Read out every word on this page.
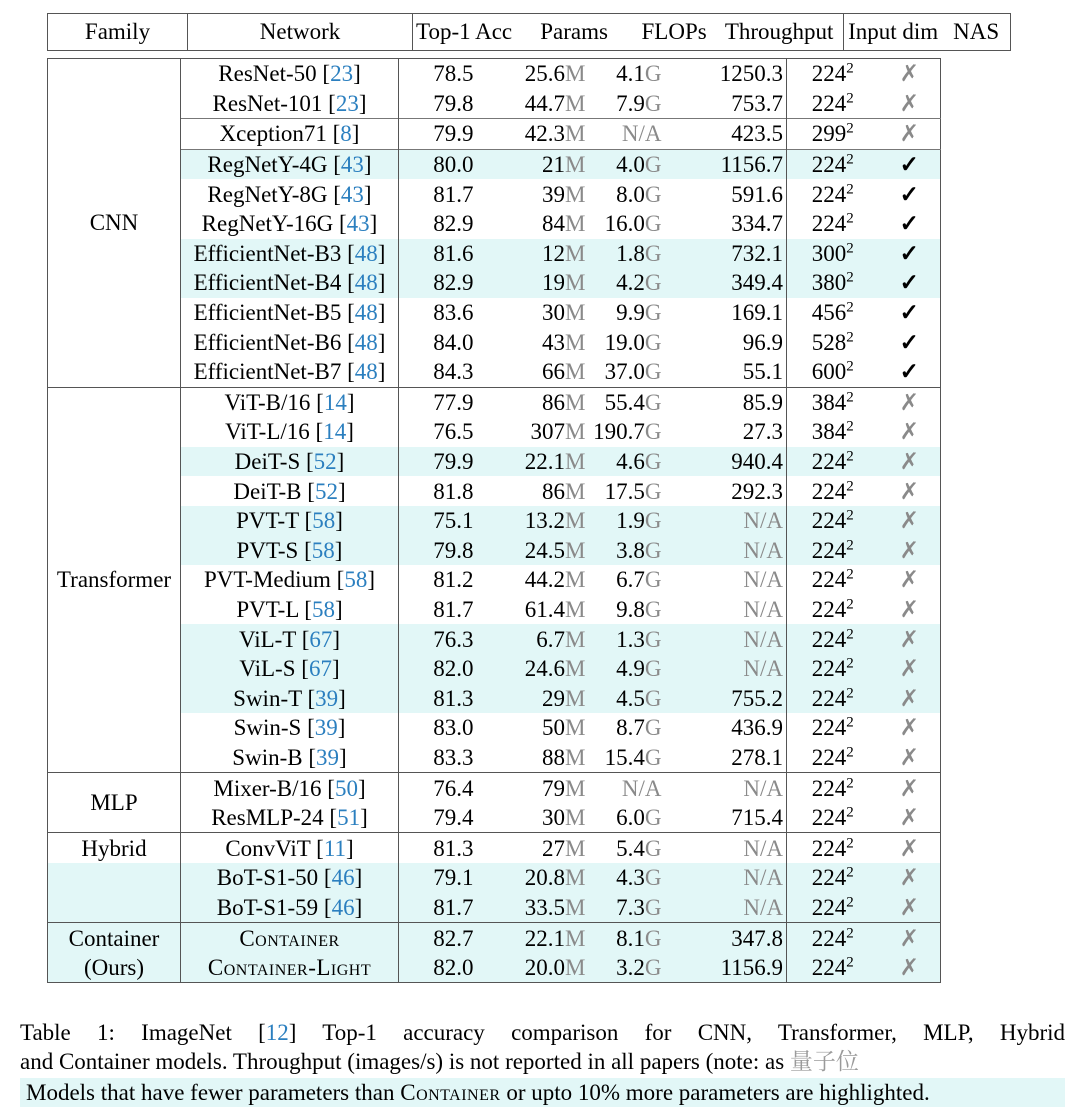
Family	Network	Top-1 Acc	Params	FLOPs	Throughput	Input dim	NAS
CNN	ResNet-50 [23]	78.5	25.6M	4.1G	1250.3	$224^2$	✗
	ResNet-101 [23]	79.8	44.7M	7.9G	753.7	$224^2$	✗
	Xception71 [8]	79.9	42.3M	N/A	423.5	$299^2$	✗
	RegNetY-4G [43]	80.0	21M	4.0G	1156.7	$224^2$	✓
	RegNetY-8G [43]	81.7	39M	8.0G	591.6	$224^2$	✓
	RegNetY-16G [43]	82.9	84M	16.0G	334.7	$224^2$	✓
	EfficientNet-B3 [48]	81.6	12M	1.8G	732.1	$300^2$	✓
	EfficientNet-B4 [48]	82.9	19M	4.2G	349.4	$380^2$	✓
	EfficientNet-B5 [48]	83.6	30M	9.9G	169.1	$456^2$	✓
	EfficientNet-B6 [48]	84.0	43M	19.0G	96.9	$528^2$	✓
	EfficientNet-B7 [48]	84.3	66M	37.0G	55.1	$600^2$	✓
Transformer	ViT-B/16 [14]	77.9	86M	55.4G	85.9	$384^2$	✗
	ViT-L/16 [14]	76.5	307M	190.7G	27.3	$384^2$	✗
	DeiT-S [52]	79.9	22.1M	4.6G	940.4	$224^2$	✗
	DeiT-B [52]	81.8	86M	17.5G	292.3	$224^2$	✗
	PVT-T [58]	75.1	13.2M	1.9G	N/A	$224^2$	✗
	PVT-S [58]	79.8	24.5M	3.8G	N/A	$224^2$	✗
	PVT-Medium [58]	81.2	44.2M	6.7G	N/A	$224^2$	✗
	PVT-L [58]	81.7	61.4M	9.8G	N/A	$224^2$	✗
	ViL-T [67]	76.3	6.7M	1.3G	N/A	$224^2$	✗
	ViL-S [67]	82.0	24.6M	4.9G	N/A	$224^2$	✗
	Swin-T [39]	81.3	29M	4.5G	755.2	$224^2$	✗
	Swin-S [39]	83.0	50M	8.7G	436.9	$224^2$	✗
	Swin-B [39]	83.3	88M	15.4G	278.1	$224^2$	✗
MLP	Mixer-B/16 [50]	76.4	79M	N/A	N/A	$224^2$	✗
	ResMLP-24 [51]	79.4	30M	6.0G	715.4	$224^2$	✗
Hybrid	ConvViT [11]	81.3	27M	5.4G	N/A	$224^2$	✗
	BoT-S1-50 [46]	79.1	20.8M	4.3G	N/A	$224^2$	✗
	BoT-S1-59 [46]	81.7	33.5M	7.3G	N/A	$224^2$	✗
Container
(Ours)	Container	82.7	22.1M	8.1G	347.8	$224^2$	✗
	Container-Light	82.0	20.0M	3.2G	1156.9	$224^2$	✗
Table 1: ImageNet [12] Top-1 accuracy comparison for CNN, Transformer, MLP, Hybrid
and Container models. Throughput (images/s) is not reported in all papers (note: as 量子位
Models that have fewer parameters than Container or upto 10% more parameters are highlighted.
